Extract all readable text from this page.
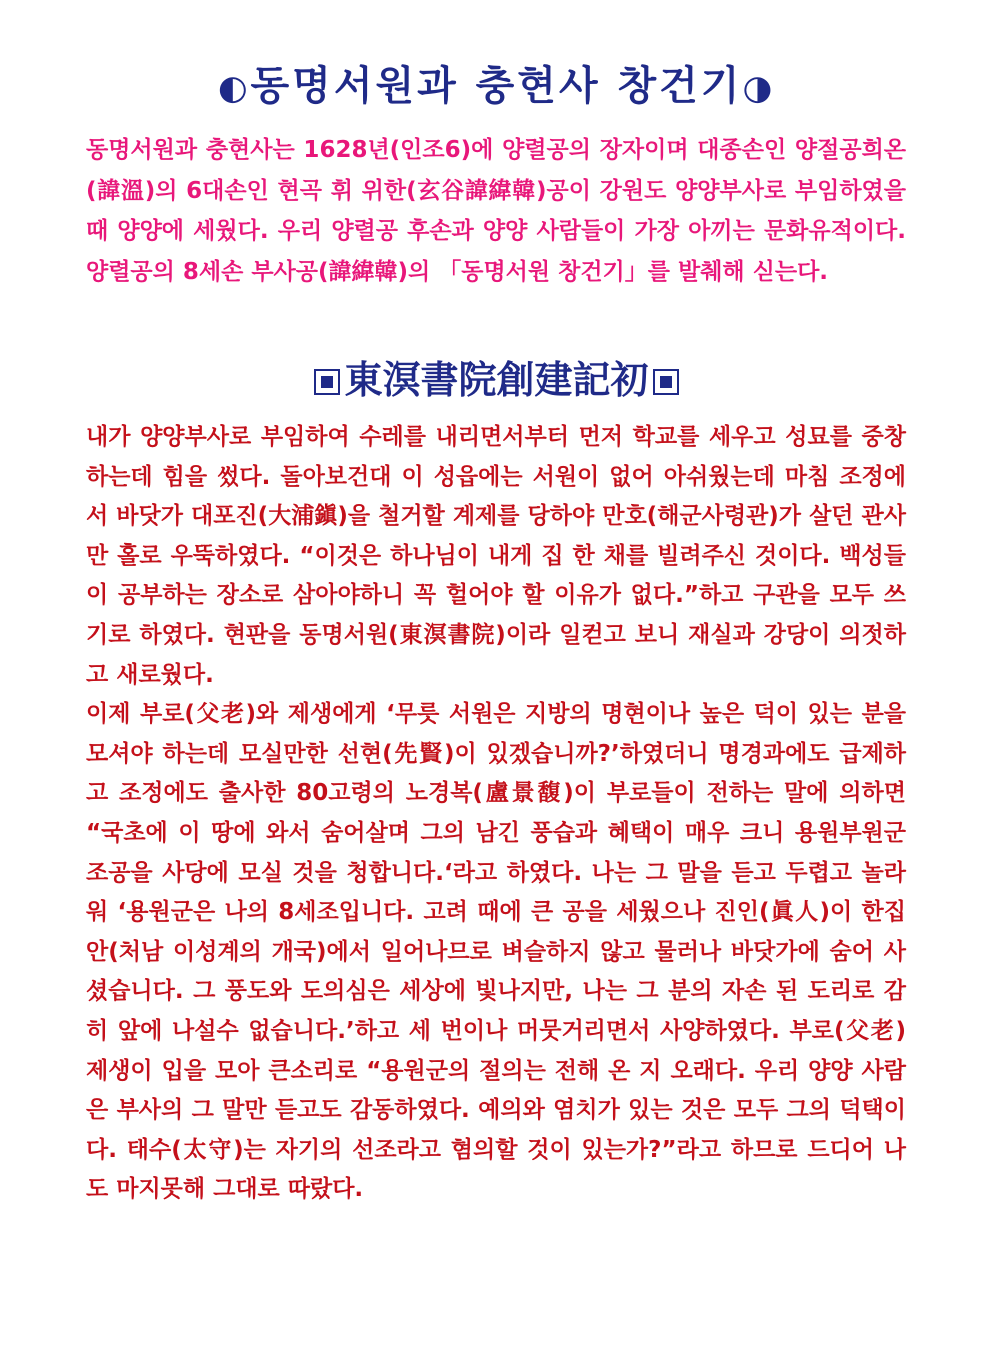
◐동명서원과 충현사 창건기◑

동명서원과 충현사는 1628년(인조6)에 양렬공의 장자이며 대종손인 양절공희온(諱溫)의 6대손인 현곡 휘 위한(玄谷諱緯韓)공이 강원도 양양부사로 부임하였을 때 양양에 세웠다. 우리 양렬공 후손과 양양 사람들이 가장 아끼는 문화유적이다. 양렬공의 8세손 부사공(諱緯韓)의 「동명서원 창건기」를 발췌해 싣는다.

東溟書院創建記初

내가 양양부사로 부임하여 수레를 내리면서부터 먼저 학교를 세우고 성묘를 중창하는데 힘을 썼다. 돌아보건대 이 성읍에는 서원이 없어 아쉬웠는데 마침 조정에서 바닷가 대포진(大浦鎭)을 철거할 계제를 당하야 만호(해군사령관)가 살던 관사만 홀로 우뚝하였다. “이것은 하나님이 내게 집 한 채를 빌려주신 것이다. 백성들이 공부하는 장소로 삼아야하니 꼭 헐어야 할 이유가 없다.”하고 구관을 모두 쓰기로 하였다. 현판을 동명서원(東溟書院)이라 일컫고 보니 재실과 강당이 의젓하고 새로웠다.

이제 부로(父老)와 제생에게 ‘무릇 서원은 지방의 명현이나 높은 덕이 있는 분을 모셔야 하는데 모실만한 선현(先賢)이 있겠습니까?’하였더니 명경과에도 급제하고 조정에도 출사한 80고령의 노경복(盧景馥)이 부로들이 전하는 말에 의하면 “국초에 이 땅에 와서 숨어살며 그의 남긴 풍습과 혜택이 매우 크니 용원부원군 조공을 사당에 모실 것을 청합니다.‘라고 하였다. 나는 그 말을 듣고 두렵고 놀라워 ‘용원군은 나의 8세조입니다. 고려 때에 큰 공을 세웠으나 진인(眞人)이 한집안(처남 이성계의 개국)에서 일어나므로 벼슬하지 않고 물러나 바닷가에 숨어 사셨습니다. 그 풍도와 도의심은 세상에 빛나지만, 나는 그 분의 자손 된 도리로 감히 앞에 나설수 없습니다.’하고 세 번이나 머뭇거리면서 사양하였다. 부로(父老)제생이 입을 모아 큰소리로 “용원군의 절의는 전해 온 지 오래다. 우리 양양 사람은 부사의 그 말만 듣고도 감동하였다. 예의와 염치가 있는 것은 모두 그의 덕택이다. 태수(太守)는 자기의 선조라고 혐의할 것이 있는가?”라고 하므로 드디어 나도 마지못해 그대로 따랐다.
